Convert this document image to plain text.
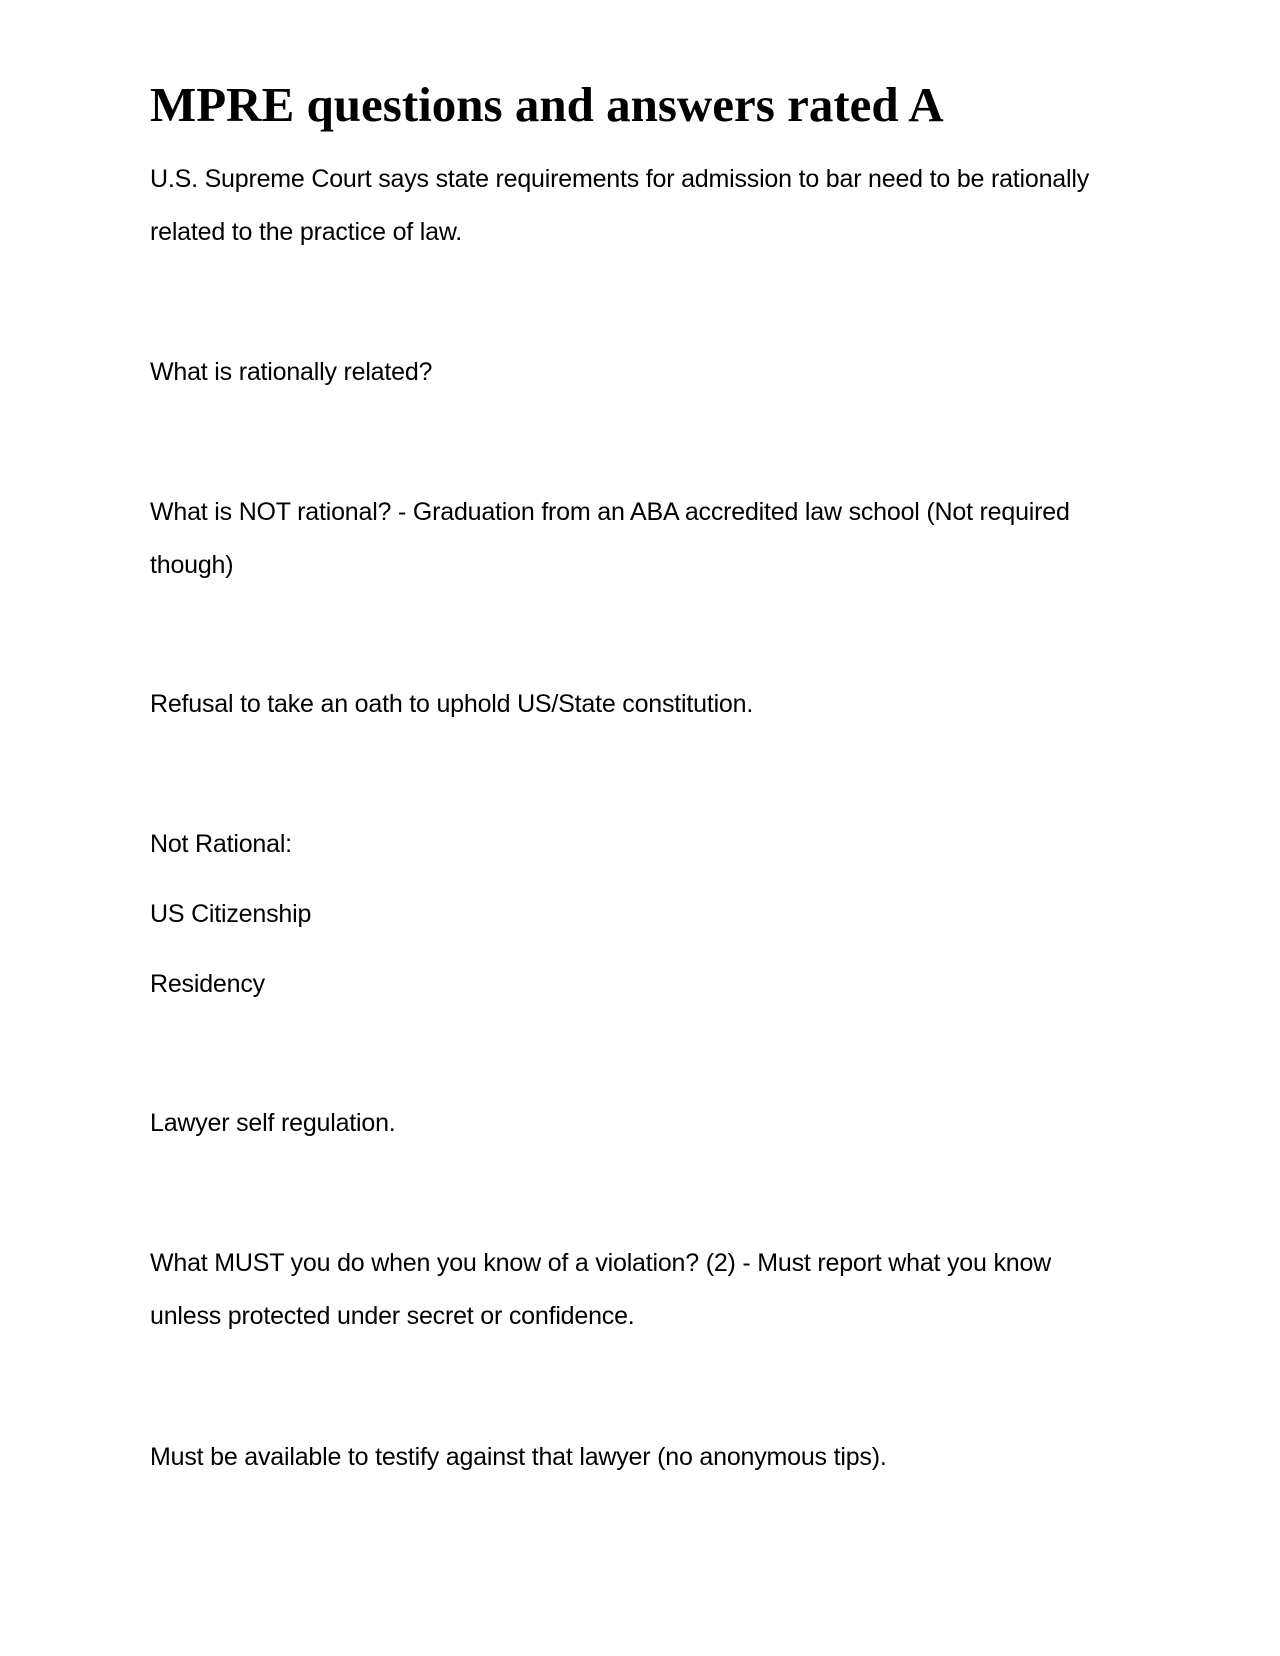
MPRE questions and answers rated A

U.S. Supreme Court says state requirements for admission to bar need to be rationally related to the practice of law.

What is rationally related?

What is NOT rational? - Graduation from an ABA accredited law school (Not required though)

Refusal to take an oath to uphold US/State constitution.

Not Rational:

US Citizenship

Residency

Lawyer self regulation.

What MUST you do when you know of a violation? (2) - Must report what you know unless protected under secret or confidence.

Must be available to testify against that lawyer (no anonymous tips).
